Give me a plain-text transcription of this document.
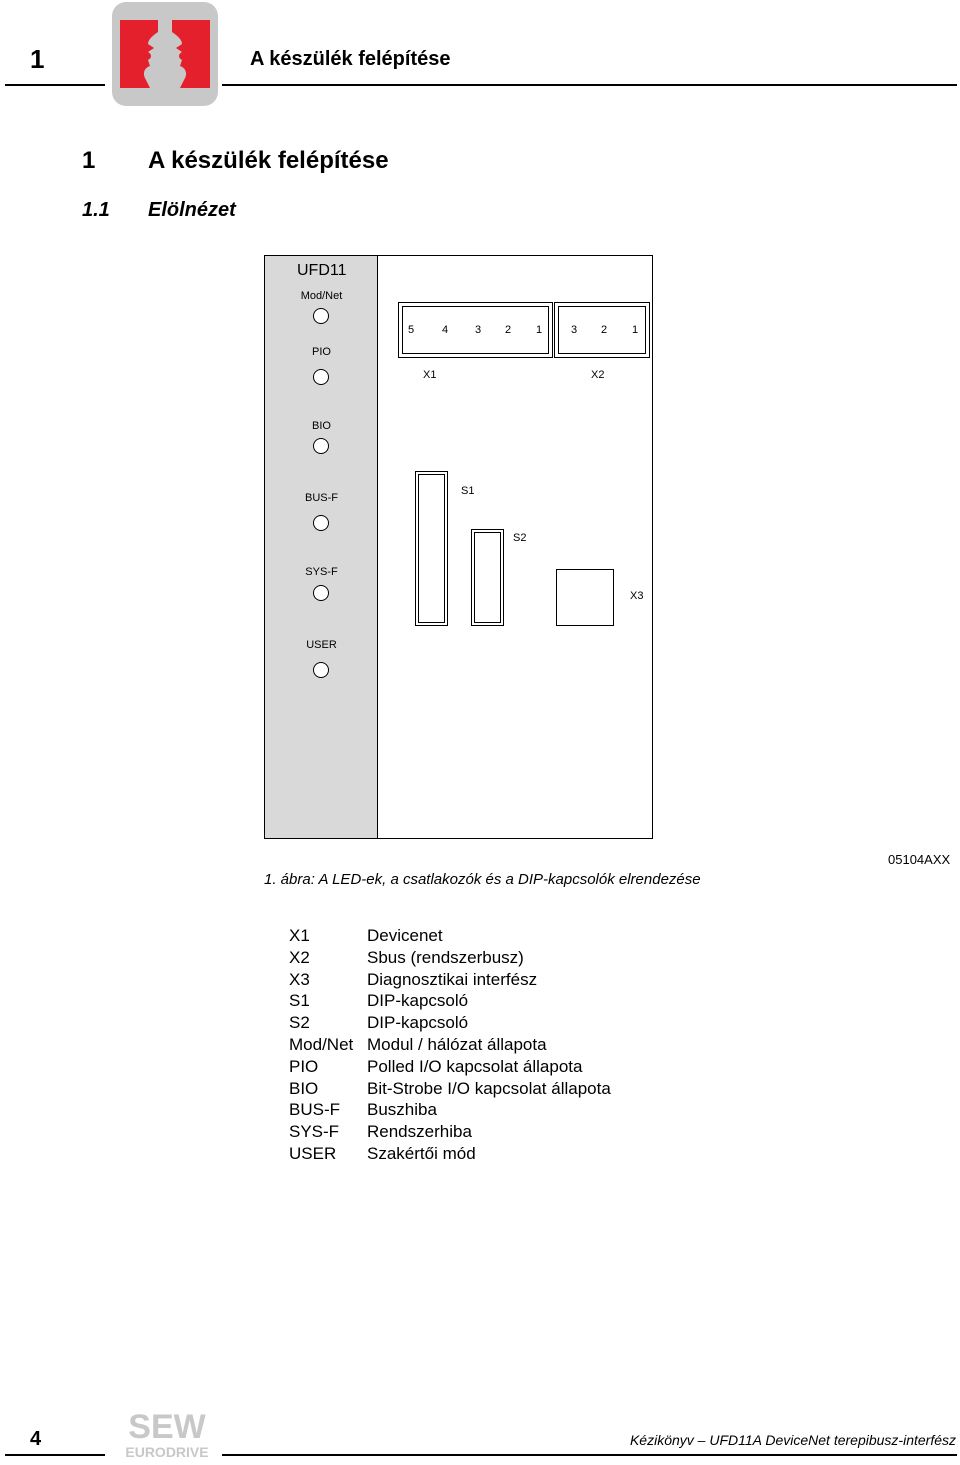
1	A készülék felépítése
1 A készülék felépítése
1.1 Elölnézet
UFD11
Mod/Net
PIO
BIO
BUS-F
SYS-F
USER
5	4 3 2 1	3 2 1
X1	X2
S1
S2
X3
1. ábra: A LED-ek, a csatlakozók és a DIP-kapcsolók elrendezése
05104AXX
X1	Devicenet
X2	Sbus (rendszerbusz)
X3	Diagnosztikai interfész
S1	DIP-kapcsoló
S2	DIP-kapcsoló
Mod/Net Modul / hálózat állapota
PIO	Polled I/O kapcsolat állapota
BIO	Bit-Strobe I/O kapcsolat állapota
BUS-F	Buszhiba
SYS-F	Rendszerhiba
USER	Szakértői mód
4	SEW
EURODRIVE
Kézikönyv – UFD11A DeviceNet terepibusz-interfész
